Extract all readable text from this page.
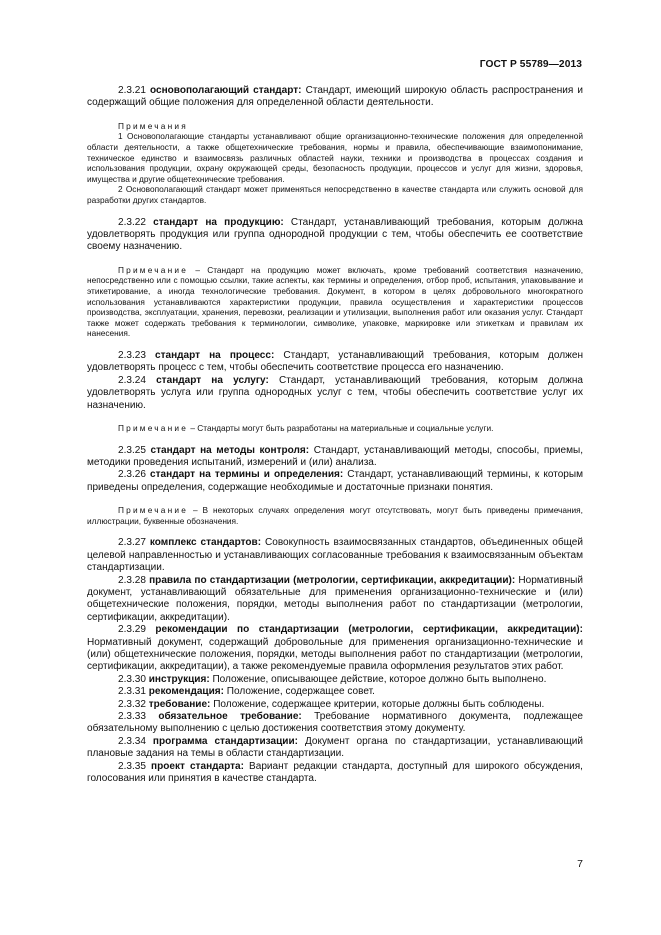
ГОСТ Р 55789—2013

2.3.21 основополагающий стандарт: Стандарт, имеющий широкую область распространения и содержащий общие положения для определенной области деятельности.

Примечания

1 Основополагающие стандарты устанавливают общие организационно-технические положения для определенной области деятельности, а также общетехнические требования, нормы и правила, обеспечивающие взаимопонимание, техническое единство и взаимосвязь различных областей науки, техники и производства в процессах создания и использования продукции, охрану окружающей среды, безопасность продукции, процессов и услуг для жизни, здоровья, имущества и другие общетехнические требования.

2 Основополагающий стандарт может применяться непосредственно в качестве стандарта или служить основой для разработки других стандартов.

2.3.22 стандарт на продукцию: Стандарт, устанавливающий требования, которым должна удовлетворять продукция или группа однородной продукции с тем, чтобы обеспечить ее соответствие своему назначению.

Примечание – Стандарт на продукцию может включать, кроме требований соответствия назначению, непосредственно или с помощью ссылки, такие аспекты, как термины и определения, отбор проб, испытания, упаковывание и этикетирование, а иногда технологические требования. Документ, в котором в целях добровольного многократного использования устанавливаются характеристики продукции, правила осуществления и характеристики процессов производства, эксплуатации, хранения, перевозки, реализации и утилизации, выполнения работ или оказания услуг. Стандарт также может содержать требования к терминологии, символике, упаковке, маркировке или этикеткам и правилам их нанесения.

2.3.23 стандарт на процесс: Стандарт, устанавливающий требования, которым должен удовлетворять процесс с тем, чтобы обеспечить соответствие процесса его назначению.

2.3.24 стандарт на услугу: Стандарт, устанавливающий требования, которым должна удовлетворять услуга или группа однородных услуг с тем, чтобы обеспечить соответствие услуг их назначению.

Примечание – Стандарты могут быть разработаны на материальные и социальные услуги.

2.3.25 стандарт на методы контроля: Стандарт, устанавливающий методы, способы, приемы, методики проведения испытаний, измерений и (или) анализа.

2.3.26 стандарт на термины и определения: Стандарт, устанавливающий термины, к которым приведены определения, содержащие необходимые и достаточные признаки понятия.

Примечание – В некоторых случаях определения могут отсутствовать, могут быть приведены примечания, иллюстрации, буквенные обозначения.

2.3.27 комплекс стандартов: Совокупность взаимосвязанных стандартов, объединенных общей целевой направленностью и устанавливающих согласованные требования к взаимосвязанным объектам стандартизации.

2.3.28 правила по стандартизации (метрологии, сертификации, аккредитации): Нормативный документ, устанавливающий обязательные для применения организационно-технические и (или) общетехнические положения, порядки, методы выполнения работ по стандартизации (метрологии, сертификации, аккредитации).

2.3.29 рекомендации по стандартизации (метрологии, сертификации, аккредитации): Нормативный документ, содержащий добровольные для применения организационно-технические и (или) общетехнические положения, порядки, методы выполнения работ по стандартизации (метрологии, сертификации, аккредитации), а также рекомендуемые правила оформления результатов этих работ.

2.3.30 инструкция: Положение, описывающее действие, которое должно быть выполнено.

2.3.31 рекомендация: Положение, содержащее совет.

2.3.32 требование: Положение, содержащее критерии, которые должны быть соблюдены.

2.3.33 обязательное требование: Требование нормативного документа, подлежащее обязательному выполнению с целью достижения соответствия этому документу.

2.3.34 программа стандартизации: Документ органа по стандартизации, устанавливающий плановые задания на темы в области стандартизации.

2.3.35 проект стандарта: Вариант редакции стандарта, доступный для широкого обсуждения, голосования или принятия в качестве стандарта.

7
